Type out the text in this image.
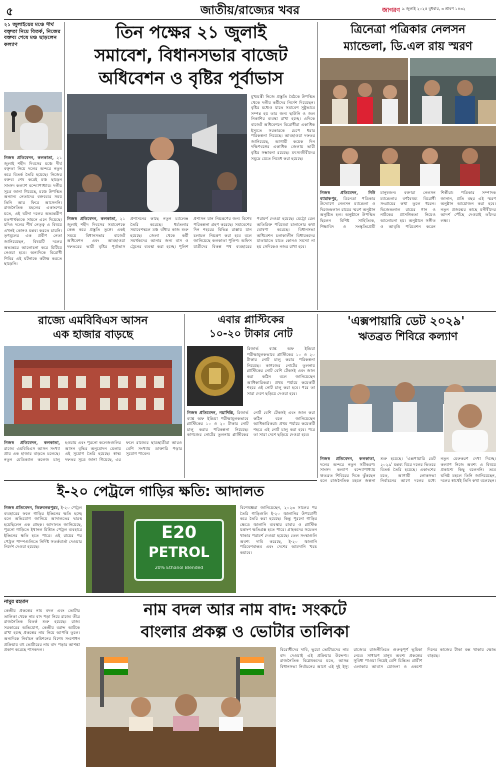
৫	জাতীয়/রাজ্যের খবর	জাগরণ ৯ জুলাই ২০২৫ বুধবার, ৩ শ্রাবণ ১৪৩২
২১ জুলাইয়ের মঞ্চে দীর্ঘ বক্তৃতা নিয়ে বিতর্ক, নিজের বক্তব্য শেষে মঞ্চ ছাড়লেন কল্যাণ
নিজস্ব প্রতিবেদন, কলকাতা, ২১ জুলাই শহীদ দিবসের মঞ্চে দীর্ঘ বক্তৃতা নিয়ে দলের অন্দরে নতুন করে বিতর্ক তৈরি হয়েছে। নিজের বক্তব্য শেষ করেই মঞ্চ ছাড়েন সাংসদ কল্যাণ বন্দ্যোপাধ্যায়। দলীয় সূত্রে জানা গিয়েছে, মঞ্চে উপস্থিত অন্যান্য নেতাদের বক্তব্যের সময় তিনি আর ফিরে আসেননি। রাজনৈতিক মহলের একাংশের মতে, এই ঘটনা দলের অভ্যন্তরীণ মতপার্থক্যকে সামনে এনে দিয়েছে। যদিও দলের শীর্ষ নেতৃত্ব এ বিষয়ে এখনই কোনও মন্তব্য করতে চায়নি। তৃণমূলের এক প্রবীণ নেতা জানিয়েছেন, বিষয়টি দলের অভ্যন্তরে আলোচনা করে মিটিয়ে নেওয়া হবে। অন্যদিকে বিরোধী শিবির এই ঘটনাকে কটাক্ষ করতে ছাড়েনি।
তিন পক্ষের ২১ জুলাই
সমাবেশ, বিধানসভার বাজেট
অধিবেশন ও বৃষ্টির পূর্বাভাস
মুখ্যমন্ত্রী নিজে প্রস্তুতি বৈঠকে উপস্থিত থেকে দলীয় কর্মীদের নির্দেশ দিয়েছেন। বৃষ্টির মধ্যেও যাতে সমাবেশ সুষ্ঠুভাবে সম্পন্ন হয় তার জন্য ছাউনি ও জল নিকাশির ব্যবস্থা রাখা হচ্ছে। এদিকে বাজেট অধিবেশনে বিরোধীরা একাধিক ইস্যুতে সরকারকে চেপে ধরার পরিকল্পনা নিয়েছে। আবহাওয়া দফতর জানিয়েছে, আগামী কয়েক দিন দক্ষিণবঙ্গের একাধিক জেলায় ভারী বৃষ্টির সম্ভাবনা রয়েছে। মৎস্যজীবীদের সমুদ্রে যেতে নিষেধ করা হয়েছে।
নিজস্ব প্রতিবেদন, কলকাতা, ২১ জুলাই শহীদ দিবসের সমাবেশকে কেন্দ্র করে প্রস্তুতি তুঙ্গে। একই সময়ে বিধানসভার বাজেট অধিবেশন এবং আবহাওয়া দফতরের ভারী বৃষ্টির পূর্বাভাস প্রশাসনের কাছে নতুন চ্যালেঞ্জ তৈরি করেছে। ধর্মতলার সমাবেশস্থলে মঞ্চ বাঁধার কাজ শুরু হয়েছে। জেলা থেকে কর্মী সমর্থকদের আনার জন্য বাস ও ট্রেনের ব্যবস্থা করা হচ্ছে। পুলিশ প্রশাসন যান নিয়ন্ত্রণের জন্য বিশেষ পরিকল্পনা গ্রহণ করেছে। সমাবেশের দিন শহরের বিভিন্ন রাস্তায় যান চলাচল নিয়ন্ত্রণ করা হবে বলে জানিয়েছে কলকাতা পুলিশ। অফিস যাত্রীদের বিকল্প পথ ব্যবহারের পরামর্শ দেওয়া হয়েছে। মেট্রো রেল অতিরিক্ত পরিষেবা চালানোর কথা ঘোষণা করেছে। বিধানসভা অধিবেশন চলাকালীন বিধায়কদের যাতায়াতে যাতে কোনও সমস্যা না হয় সেদিকেও নজর রাখা হবে।
ত্রিনেত্রা পত্রিকার নেলসন
ম্যান্ডেলা, ডি.এল রায় স্মরণ
নিজস্ব প্রতিবেদন, নিউ ব্যারাকপুর, ত্রিনেত্রা পত্রিকার উদ্যোগে নেলসন ম্যান্ডেলা ও দ্বিজেন্দ্রলাল রায়ের স্মরণ অনুষ্ঠান অনুষ্ঠিত হল। অনুষ্ঠানে উপস্থিত ছিলেন বিশিষ্ট সাহিত্যিক, শিক্ষাবিদ ও সংস্কৃতিপ্রেমী মানুষজন। বক্তারা নেলসন ম্যান্ডেলার বর্ণবৈষম্য বিরোধী সংগ্রামের কথা তুলে ধরেন। দ্বিজেন্দ্রলাল রায়ের গান ও নাটকের প্রাসঙ্গিকতা নিয়েও আলোচনা হয়। অনুষ্ঠানে সঙ্গীত ও আবৃত্তি পরিবেশন করেন শিল্পীরা। পত্রিকার সম্পাদক জানান, প্রতি বছর এই স্মরণ অনুষ্ঠান আয়োজন করা হবে। নতুন প্রজন্মের কাছে মনীষীদের আদর্শ পৌঁছে দেওয়াই তাঁদের লক্ষ্য।
রাজ্যে এমবিবিএস আসন
এক হাজার বাড়ছে
নিজস্ব প্রতিবেদন, কলকাতা, রাজ্যে এমবিবিএস আসন সংখ্যা প্রায় এক হাজার বাড়তে চলেছে। নতুন মেডিক্যাল কলেজ চালু হওয়ায় এবং পুরনো কলেজগুলির আসন বৃদ্ধির অনুমোদন মেলায় এই সুযোগ তৈরি হয়েছে। স্বাস্থ্য দফতর সূত্রে জানা গিয়েছে, এর ফলে রাজ্যের ছাত্রছাত্রীরা আরও বেশি সংখ্যায় ডাক্তারি পড়ার সুযোগ পাবেন।
এবার প্লাস্টিকের
১০-২০ টাকার নোট
রিজার্ভ ব্যাঙ্ক অফ ইন্ডিয়া পরীক্ষামূলকভাবে প্লাস্টিকের ১০ ও ২০ টাকার নোট চালু করার পরিকল্পনা নিয়েছে। কাগজের নোটের তুলনায় প্লাস্টিকের নোট বেশি টেকসই এবং জাল করা কঠিন বলে জানিয়েছেন আধিকারিকরা। প্রথম পর্যায়ে কয়েকটি শহরে এই নোট চালু করা হবে। পরে তা সারা দেশে ছড়িয়ে দেওয়া হবে।
নিজস্ব প্রতিবেদন, নয়াদিল্লি, রিজার্ভ ব্যাঙ্ক অফ ইন্ডিয়া পরীক্ষামূলকভাবে প্লাস্টিকের ১০ ও ২০ টাকার নোট চালু করার পরিকল্পনা নিয়েছে। কাগজের নোটের তুলনায় প্লাস্টিকের নোট বেশি টেকসই এবং জাল করা কঠিন বলে জানিয়েছেন আধিকারিকরা। প্রথম পর্যায়ে কয়েকটি শহরে এই নোট চালু করা হবে। পরে তা সারা দেশে ছড়িয়ে দেওয়া হবে।
'এক্সপায়ারি ডেট ২০২৯'
ঋতব্রত শিবিরে কল্যাণ
ই-২০ পেট্রলে গাড়ির ক্ষতি: আদালত
নিজস্ব প্রতিবেদন, তিরুবনন্তপুরম, ই-২০ পেট্রল ব্যবহারের ফলে গাড়ির ইঞ্জিনের ক্ষতি হচ্ছে বলে অভিযোগ জানিয়ে আদালতের দ্বারস্থ হয়েছিলেন এক গ্রাহক। আদালত জানিয়েছে, পুরনো গাড়িতে ইথানল মিশ্রিত পেট্রল ব্যবহারে ইঞ্জিনের ক্ষতি হতে পারে। এই রায়ের পর পেট্রল পাম্পগুলিতে নির্দিষ্ট সতর্কবার্তা দেওয়ার নির্দেশ দেওয়া হয়েছে।
E20
PETROL
20% Ethanol Blended
বিশেষজ্ঞরা জানিয়েছেন, ২০২৩ সালের পর তৈরি গাড়িগুলি ই-২০ জ্বালানির উপযোগী করে তৈরি করা হয়েছে। কিন্তু পুরনো গাড়ির ক্ষেত্রে জ্বালানি ব্যবস্থার রাবার ও প্লাস্টিক যন্ত্রাংশ ক্ষতিগ্রস্ত হতে পারে। গ্রাহকদের সচেতন থাকার পরামর্শ দেওয়া হয়েছে। তেল সংস্থাগুলি অবশ্য দাবি করেছে, ই-২০ জ্বালানি পরিবেশবান্ধব এবং দেশের আমদানি খরচ কমাবে।
নিজস্ব প্রতিবেদন, কলকাতা, দলের অন্দরে নতুন সমীকরণ। সাংসদ কল্যাণ বন্দ্যোপাধ্যায় ঋতব্রত শিবিরের দিকে ঝুঁকছেন বলে রাজনৈতিক মহলে জল্পনা শুরু হয়েছে। 'এক্সপায়ারি ডেট ২০২৯' মন্তব্য ঘিরে দলের ভিতরে বিতর্ক তৈরি হয়েছে। একাংশের মতে, আগামী লোকসভা নির্বাচনের আগে দলের মধ্যে নতুন মেরুকরণ দেখা দিচ্ছে। কল্যাণ নিজে অবশ্য এ বিষয়ে প্রকাশ্যে কিছু বলেননি। তবে ঘনিষ্ঠ মহলে তিনি জানিয়েছেন, দলের স্বার্থেই তিনি কথা বলেছেন।
নামুর রহমান
কেন্দ্রীয় প্রকল্পের নাম বদল এবং ভোটার তালিকা থেকে নাম বাদ পড়া নিয়ে রাজ্যে তীব্র রাজনৈতিক বিতর্ক শুরু হয়েছে। রাজ্য সরকারের অভিযোগ, কেন্দ্রীয় বরাদ্দ আটকে রাখা হচ্ছে প্রকল্পের নাম নিয়ে আপত্তি তুলে। অন্যদিকে নির্বাচন কমিশনের বিশেষ সংশোধন প্রক্রিয়ায় বহু ভোটারের নাম বাদ পড়ার আশঙ্কা প্রকাশ করেছে শাসকদল।
নাম বদল আর নাম বাদ: সংকটে
বাংলার প্রকল্প ও ভোটার তালিকা
বিরোধীদের দাবি, ভুয়ো ভোটারদের নাম বাদ দেওয়াই এই প্রক্রিয়ার উদ্দেশ্য। রাজনৈতিক বিশ্লেষকদের মতে, আসন্ন বিধানসভা নির্বাচনের আগে এই দুই ইস্যু রাজ্যের রাজনীতিতে গুরুত্বপূর্ণ ভূমিকা নেবে। সাধারণ মানুষ অবশ্য প্রকল্পের সুবিধা পাওয়া নিয়েই বেশি চিন্তিত। গ্রামীণ এলাকায় আবাস যোজনা ও একশো দিনের কাজের টাকা বন্ধ থাকায় ক্ষোভ বাড়ছে।
